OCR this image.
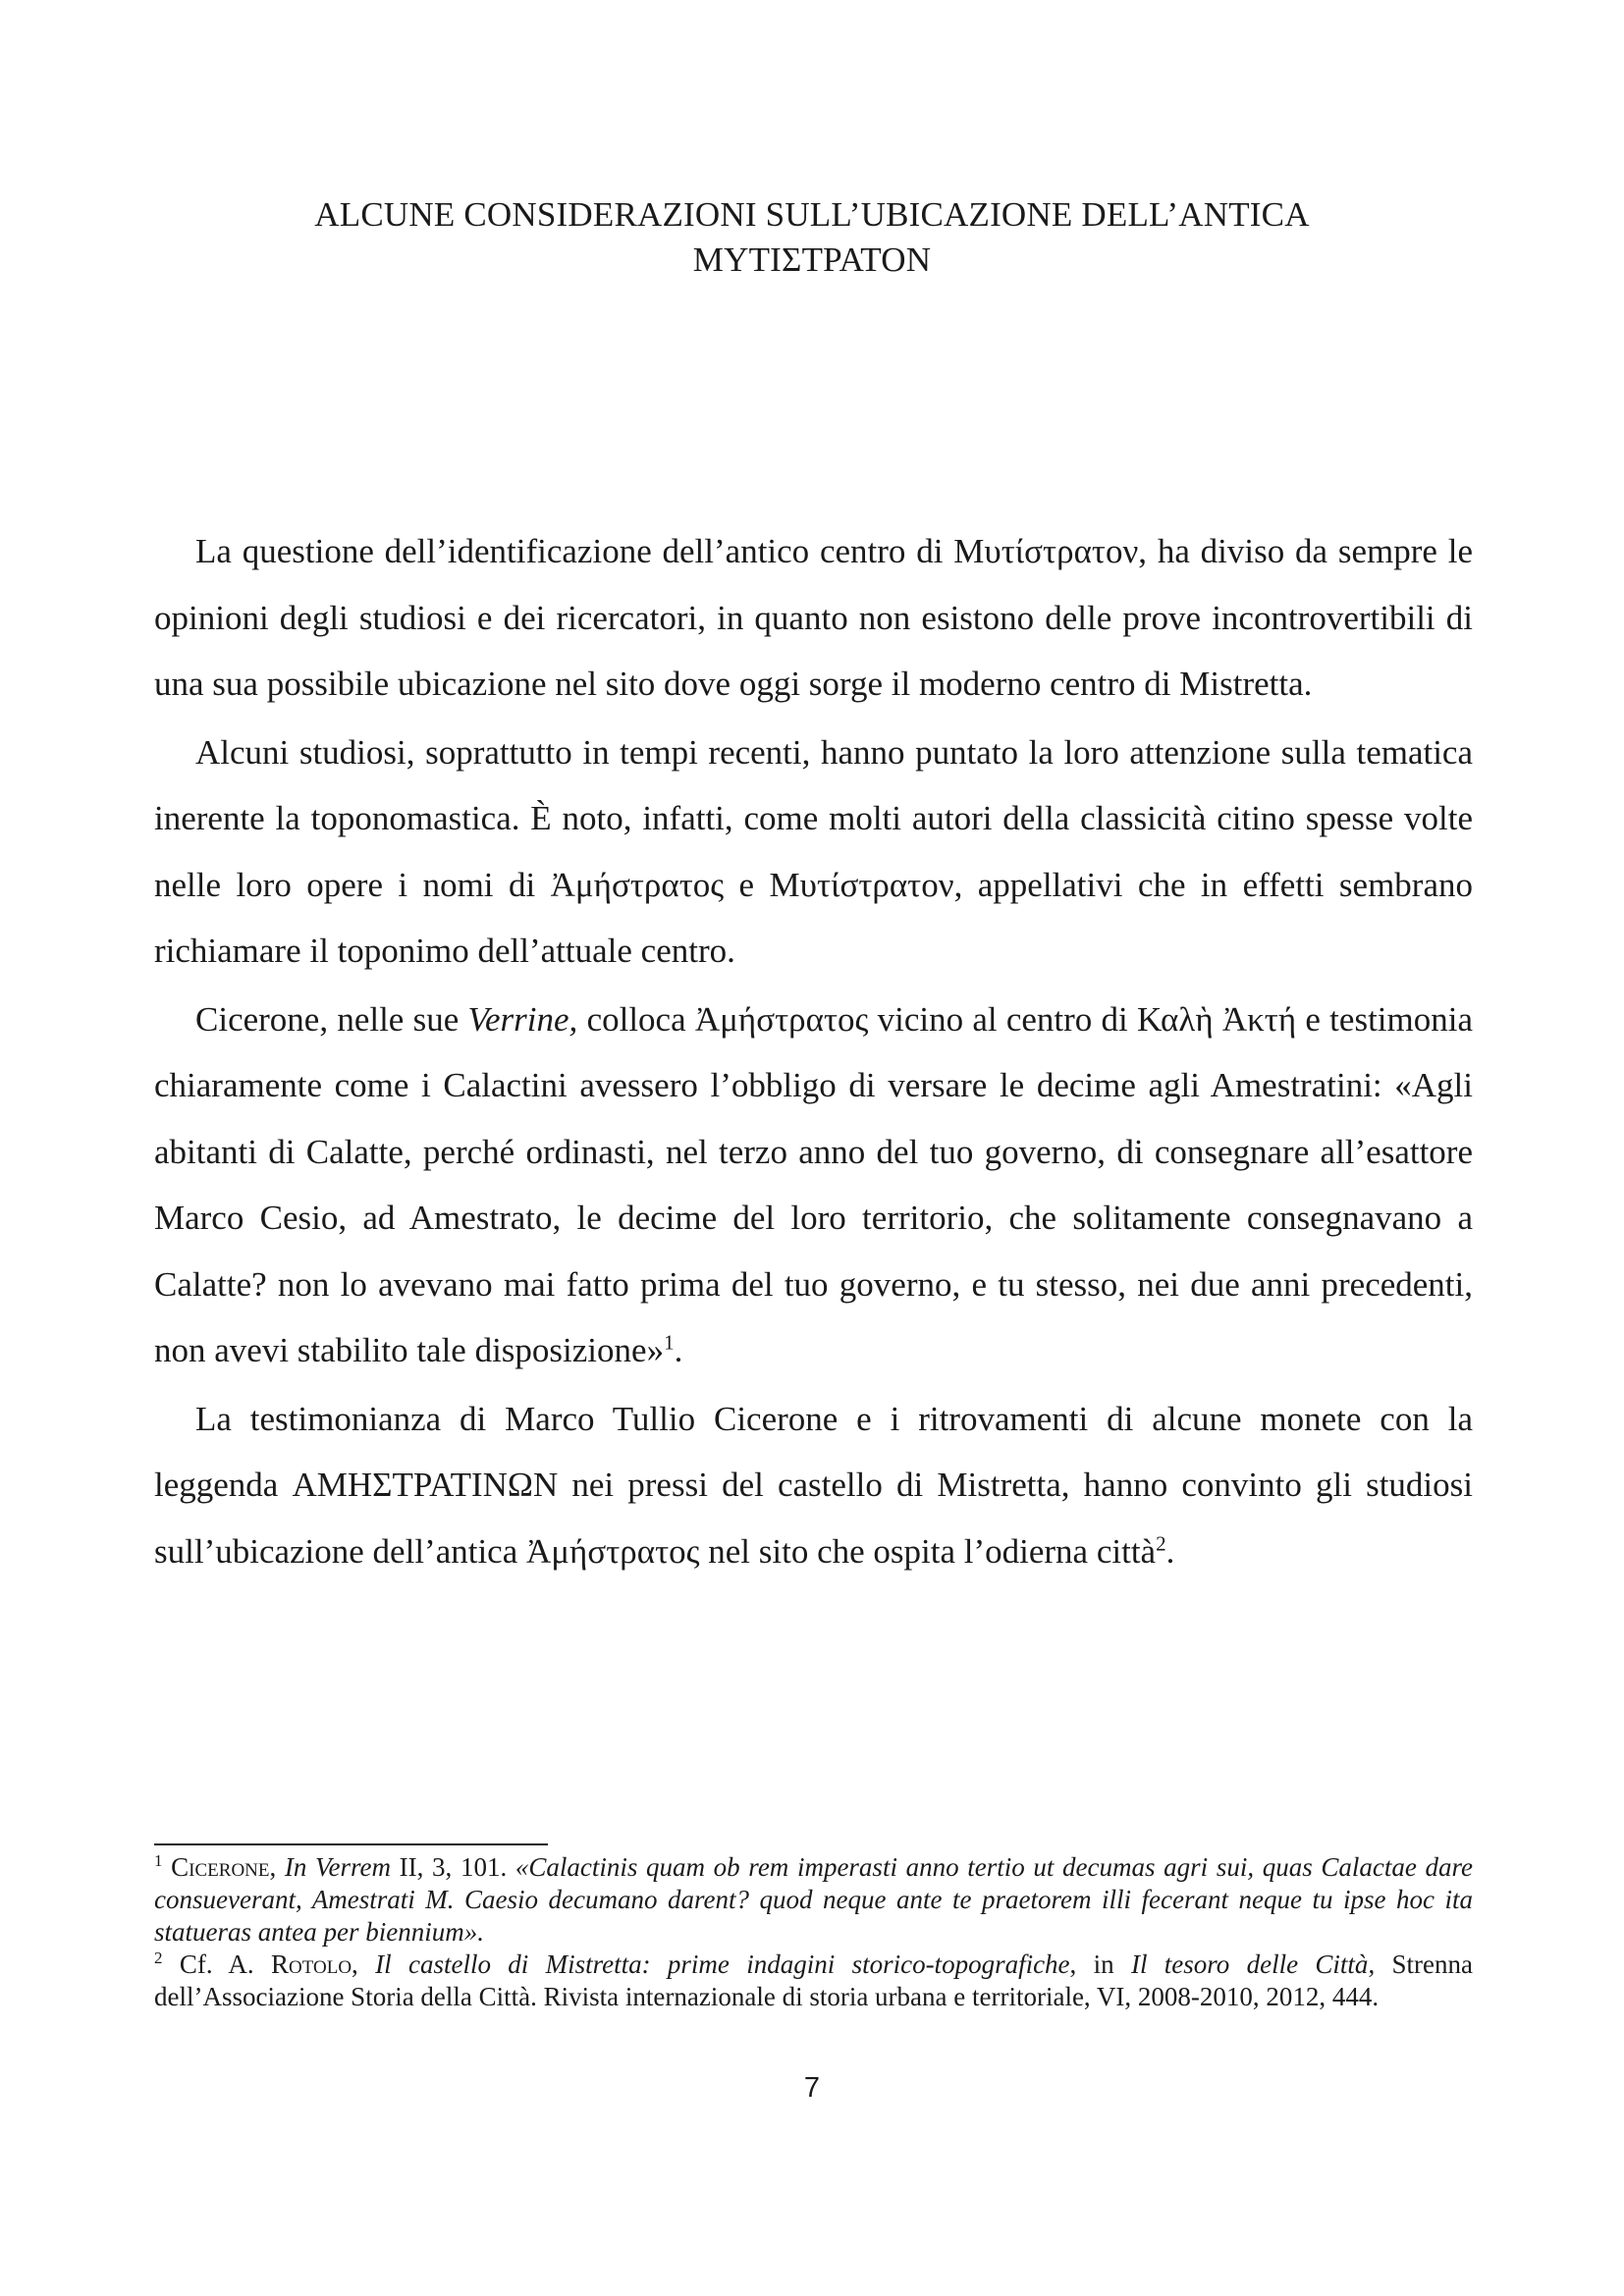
ALCUNE CONSIDERAZIONI SULL’UBICAZIONE DELL’ANTICA
ΜΥΤΙΣΤΡΑΤΟΝ

La questione dell’identificazione dell’antico centro di Μυτίστρατον, ha diviso da sempre le opinioni degli studiosi e dei ricercatori, in quanto non esistono delle prove incontrovertibili di una sua possibile ubicazione nel sito dove oggi sorge il moderno centro di Mistretta.

Alcuni studiosi, soprattutto in tempi recenti, hanno puntato la loro attenzione sulla tematica inerente la toponomastica. È noto, infatti, come molti autori della classicità citino spesse volte nelle loro opere i nomi di Ἀμήστρατος e Μυτίστρατον, appellativi che in effetti sembrano richiamare il toponimo dell’attuale centro.

Cicerone, nelle sue Verrine, colloca Ἀμήστρατος vicino al centro di Καλὴ Ἀκτή e testimonia chiaramente come i Calactini avessero l’obbligo di versare le decime agli Amestratini: «Agli abitanti di Calatte, perché ordinasti, nel terzo anno del tuo governo, di consegnare all’esattore Marco Cesio, ad Amestrato, le decime del loro territorio, che solitamente consegnavano a Calatte? non lo avevano mai fatto prima del tuo governo, e tu stesso, nei due anni precedenti, non avevi stabilito tale disposizione»$^1$.

La testimonianza di Marco Tullio Cicerone e i ritrovamenti di alcune monete con la leggenda ΑΜΗΣΤΡΑΤΙΝΩΝ nei pressi del castello di Mistretta, hanno convinto gli studiosi sull’ubicazione dell’antica Ἀμήστρατος nel sito che ospita l’odierna città$^2$.

$^1$ Cicerone, In Verrem II, 3, 101. «Calactinis quam ob rem imperasti anno tertio ut decumas agri sui, quas Calactae dare consueverant, Amestrati M. Caesio decumano darent? quod neque ante te praetorem illi fecerant neque tu ipse hoc ita statueras antea per biennium».

$^2$ Cf. A. Rotolo, Il castello di Mistretta: prime indagini storico-topografiche, in Il tesoro delle Città, Strenna dell’Associazione Storia della Città. Rivista internazionale di storia urbana e territoriale, VI, 2008-2010, 2012, 444.

7
